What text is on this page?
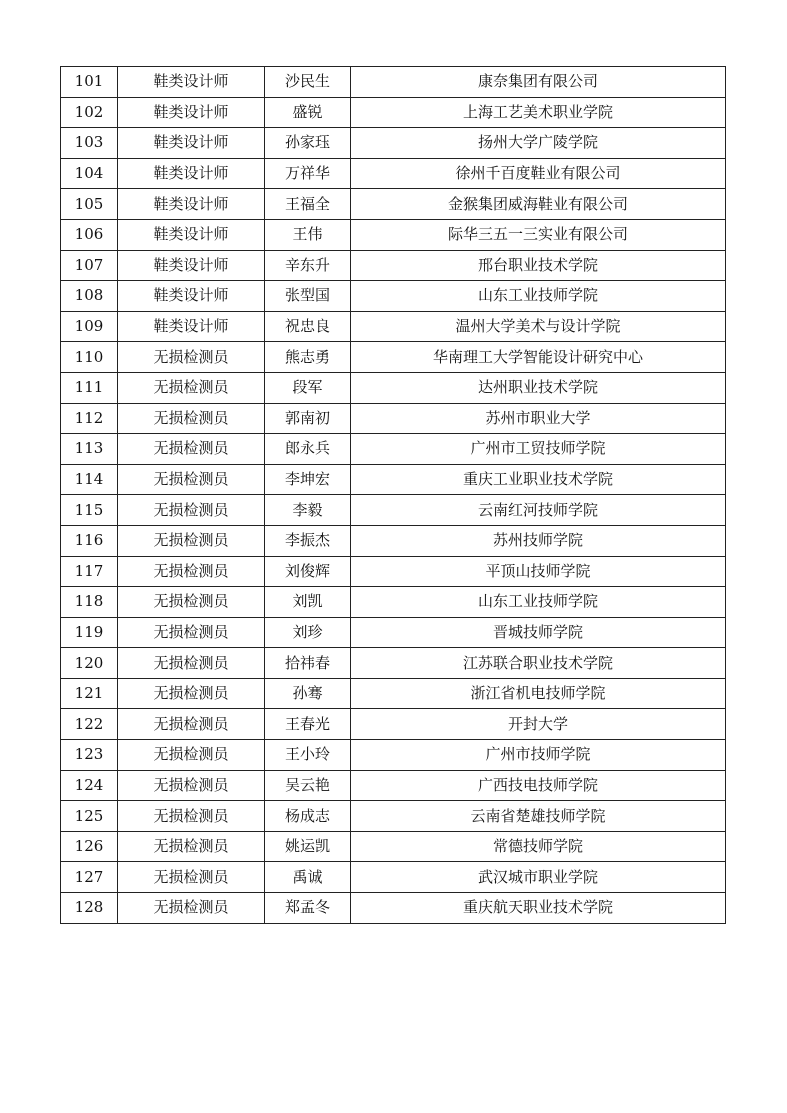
101	鞋类设计师	沙民生	康奈集团有限公司
102	鞋类设计师	盛锐	上海工艺美术职业学院
103	鞋类设计师	孙家珏	扬州大学广陵学院
104	鞋类设计师	万祥华	徐州千百度鞋业有限公司
105	鞋类设计师	王福全	金猴集团威海鞋业有限公司
106	鞋类设计师	王伟	际华三五一三实业有限公司
107	鞋类设计师	辛东升	邢台职业技术学院
108	鞋类设计师	张型国	山东工业技师学院
109	鞋类设计师	祝忠良	温州大学美术与设计学院
110	无损检测员	熊志勇	华南理工大学智能设计研究中心
111	无损检测员	段军	达州职业技术学院
112	无损检测员	郭南初	苏州市职业大学
113	无损检测员	郎永兵	广州市工贸技师学院
114	无损检测员	李坤宏	重庆工业职业技术学院
115	无损检测员	李毅	云南红河技师学院
116	无损检测员	李振杰	苏州技师学院
117	无损检测员	刘俊辉	平顶山技师学院
118	无损检测员	刘凯	山东工业技师学院
119	无损检测员	刘珍	晋城技师学院
120	无损检测员	拾祎春	江苏联合职业技术学院
121	无损检测员	孙骞	浙江省机电技师学院
122	无损检测员	王春光	开封大学
123	无损检测员	王小玲	广州市技师学院
124	无损检测员	吴云艳	广西技电技师学院
125	无损检测员	杨成志	云南省楚雄技师学院
126	无损检测员	姚运凯	常德技师学院
127	无损检测员	禹诚	武汉城市职业学院
128	无损检测员	郑孟冬	重庆航天职业技术学院
